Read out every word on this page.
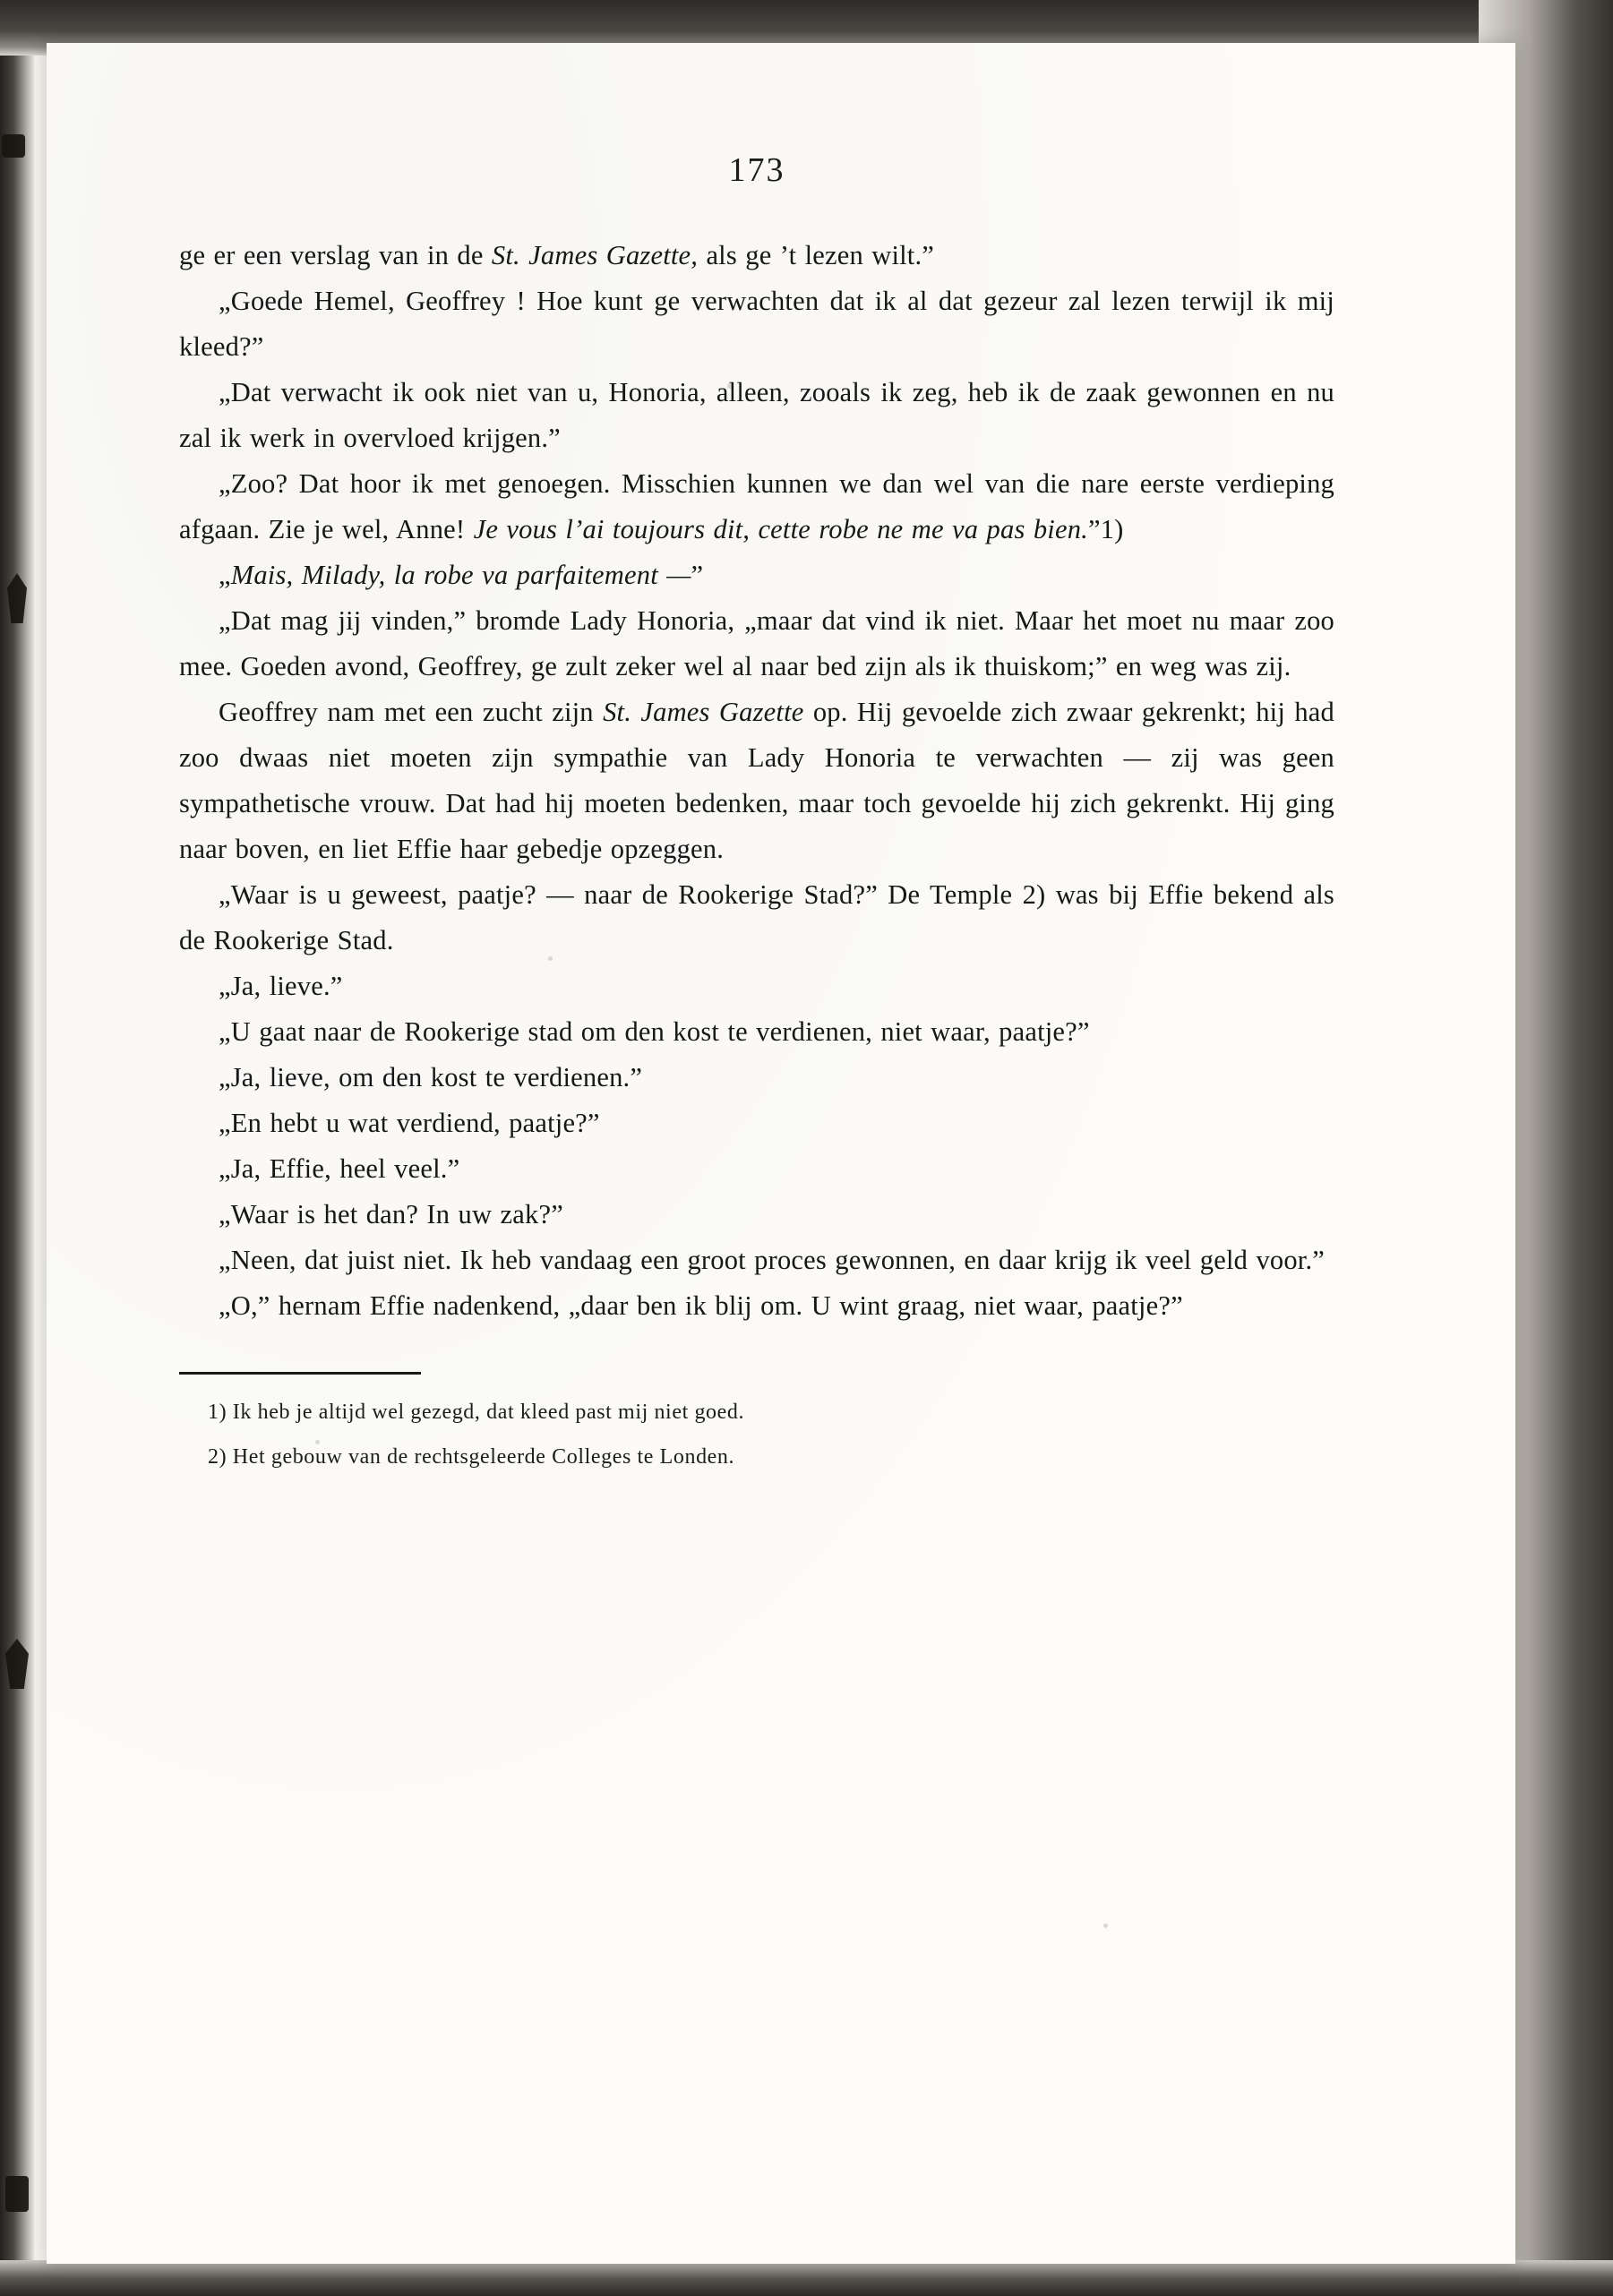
173

ge er een verslag van in de St. James Gazette, als ge ’t lezen wilt.”

„Goede Hemel, Geoffrey ! Hoe kunt ge verwachten dat ik al dat gezeur zal lezen terwijl ik mij kleed?”

„Dat verwacht ik ook niet van u, Honoria, alleen, zooals ik zeg, heb ik de zaak gewonnen en nu zal ik werk in overvloed krijgen.”

„Zoo? Dat hoor ik met genoegen. Misschien kunnen we dan wel van die nare eerste verdieping afgaan. Zie je wel, Anne! Je vous l’ai toujours dit, cette robe ne me va pas bien.”1)

„Mais, Milady, la robe va parfaitement —”

„Dat mag jij vinden,” bromde Lady Honoria, „maar dat vind ik niet. Maar het moet nu maar zoo mee. Goeden avond, Geoffrey, ge zult zeker wel al naar bed zijn als ik thuiskom;” en weg was zij.

Geoffrey nam met een zucht zijn St. James Gazette op. Hij gevoelde zich zwaar gekrenkt; hij had zoo dwaas niet moeten zijn sympathie van Lady Honoria te verwachten — zij was geen sympathetische vrouw. Dat had hij moeten bedenken, maar toch gevoelde hij zich gekrenkt. Hij ging naar boven, en liet Effie haar gebedje opzeggen.

„Waar is u geweest, paatje? — naar de Rookerige Stad?” De Temple 2) was bij Effie bekend als de Rookerige Stad.

„Ja, lieve.”

„U gaat naar de Rookerige stad om den kost te verdienen, niet waar, paatje?”

„Ja, lieve, om den kost te verdienen.”

„En hebt u wat verdiend, paatje?”

„Ja, Effie, heel veel.”

„Waar is het dan? In uw zak?”

„Neen, dat juist niet. Ik heb vandaag een groot proces gewonnen, en daar krijg ik veel geld voor.”

„O,” hernam Effie nadenkend, „daar ben ik blij om. U wint graag, niet waar, paatje?”

1) Ik heb je altijd wel gezegd, dat kleed past mij niet goed.

2) Het gebouw van de rechtsgeleerde Colleges te Londen.
